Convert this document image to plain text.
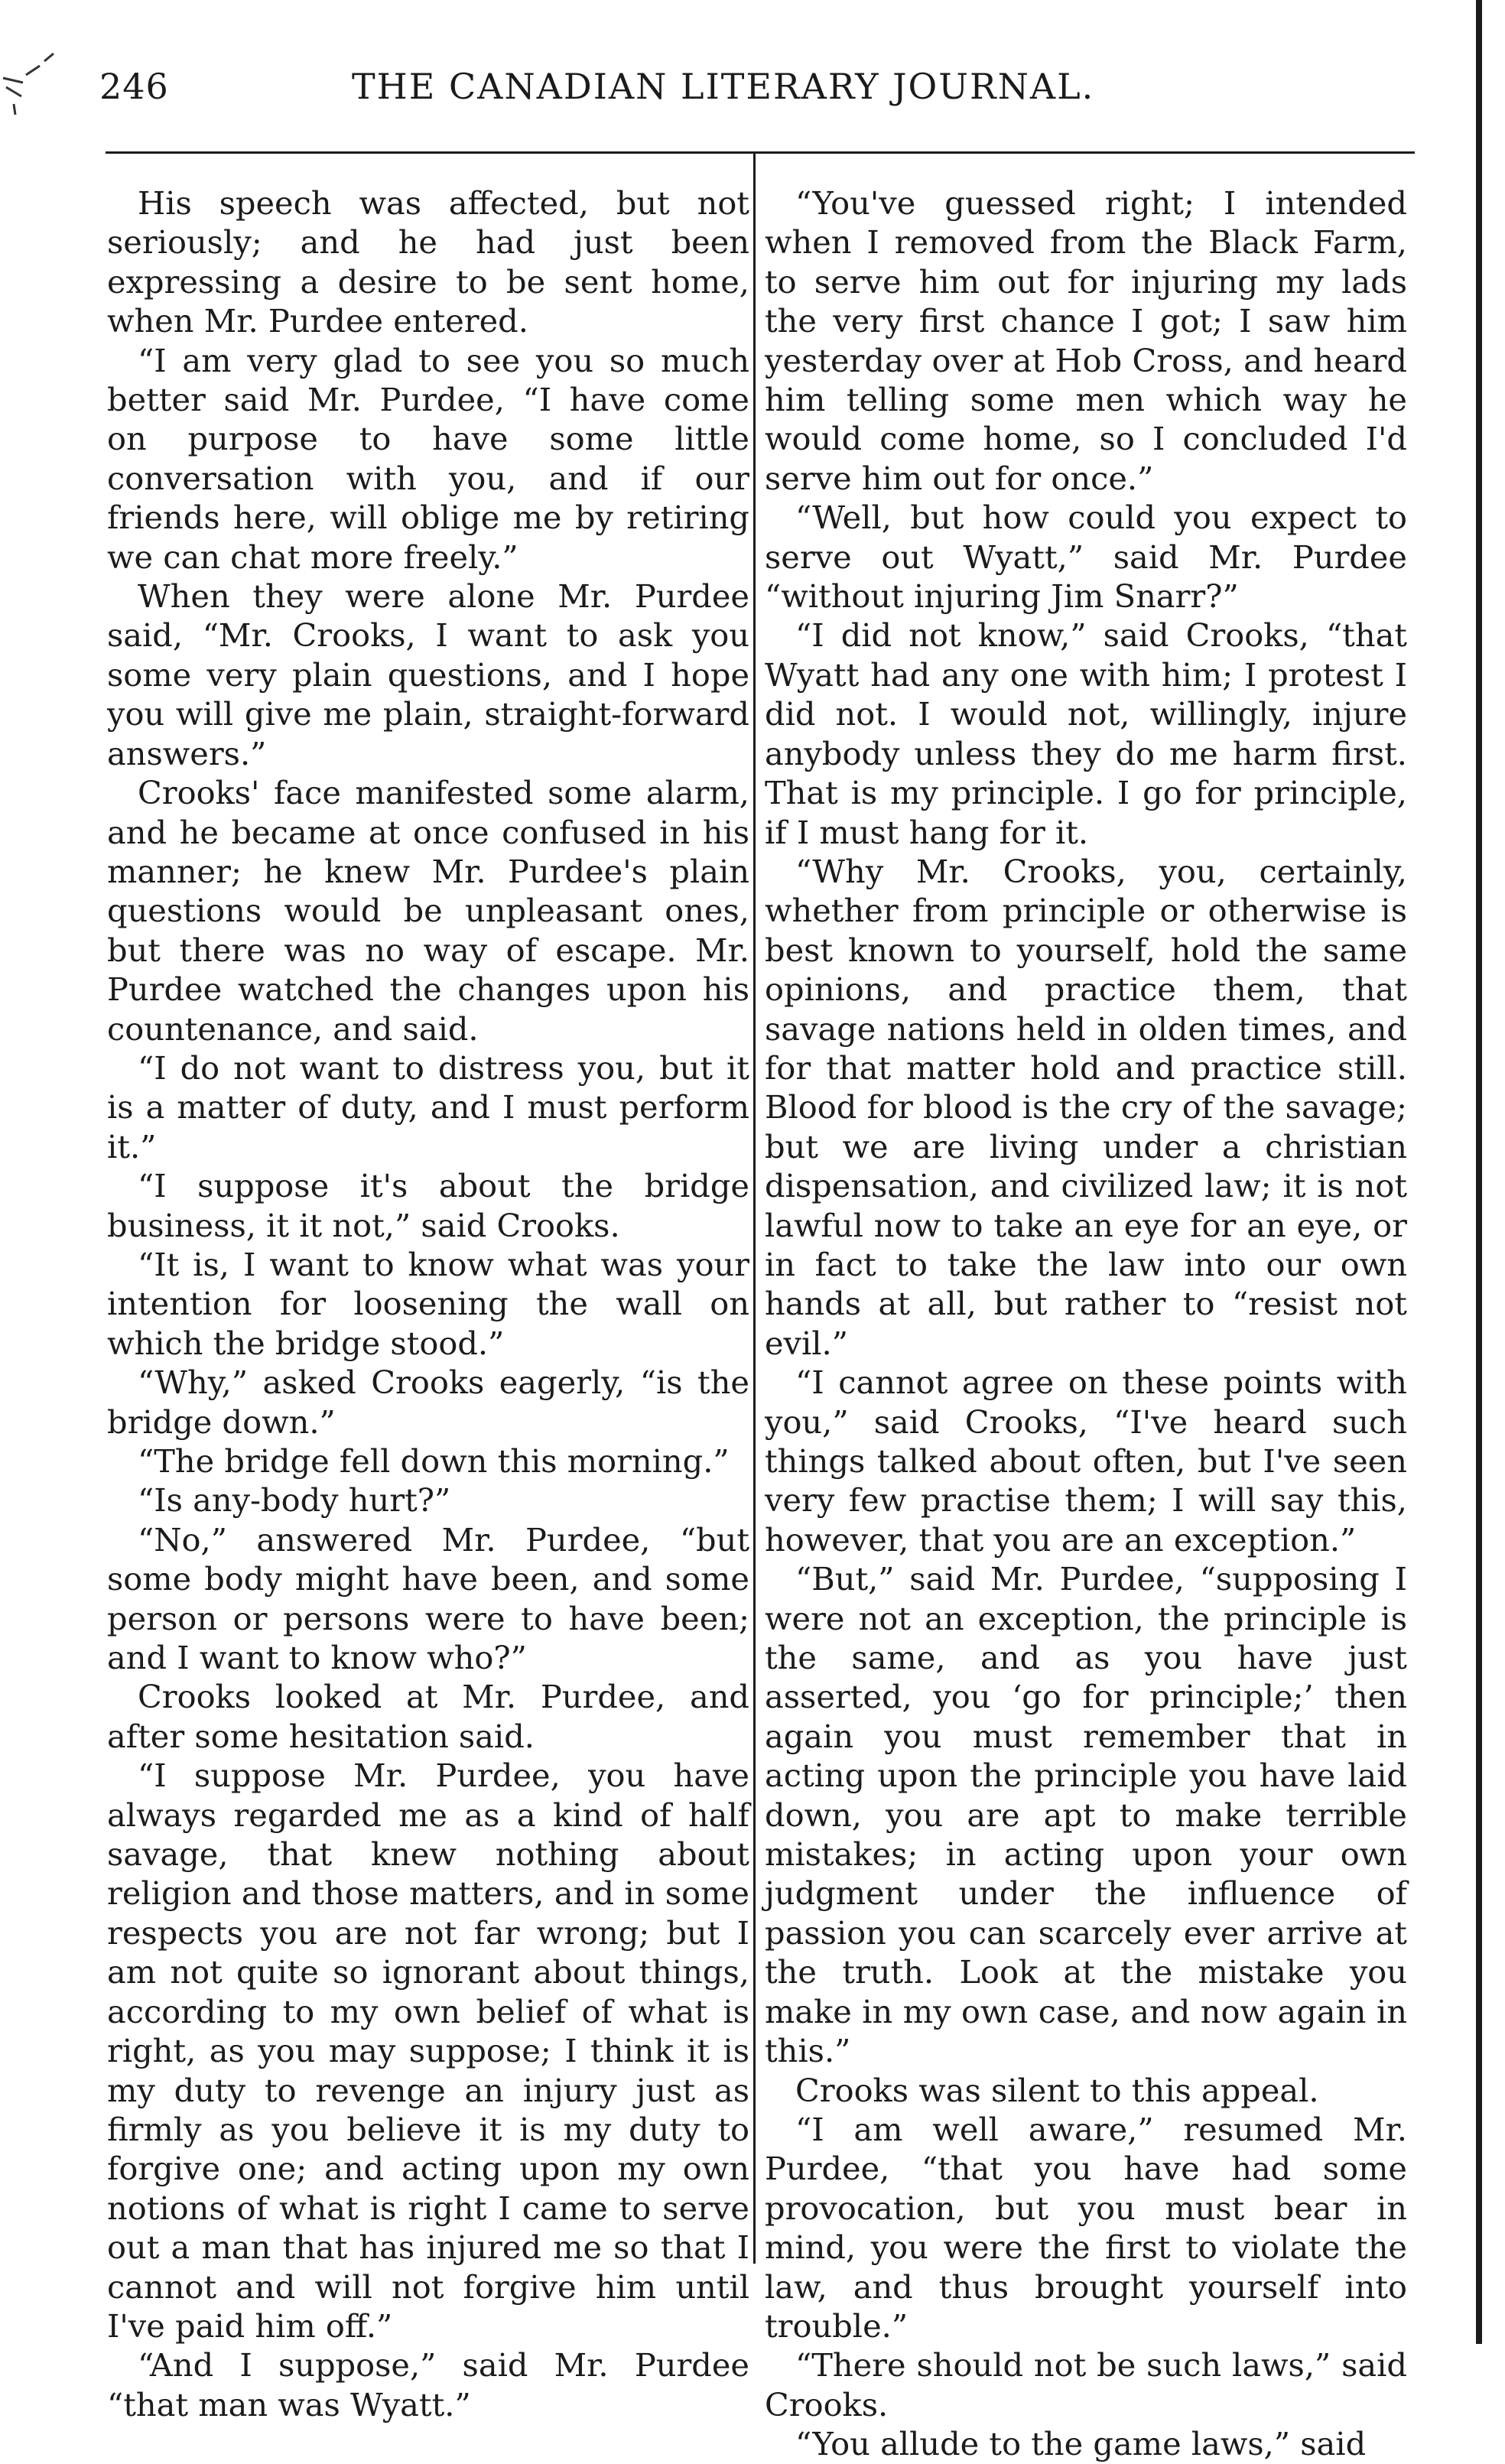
246	THE CANADIAN LITERARY JOURNAL.

His speech was affected, but not seriously; and he had just been expressing a desire to be sent home, when Mr. Purdee entered.

“I am very glad to see you so much better said Mr. Purdee, “I have come on purpose to have some little conversation with you, and if our friends here, will oblige me by retiring we can chat more freely.”

When they were alone Mr. Purdee said, “Mr. Crooks, I want to ask you some very plain questions, and I hope you will give me plain, straight-forward answers.”

Crooks' face manifested some alarm, and he became at once confused in his manner; he knew Mr. Purdee's plain questions would be unpleasant ones, but there was no way of escape. Mr. Purdee watched the changes upon his countenance, and said.

“I do not want to distress you, but it is a matter of duty, and I must perform it.”

“I suppose it's about the bridge business, it it not,” said Crooks.

“It is, I want to know what was your intention for loosening the wall on which the bridge stood.”

“Why,” asked Crooks eagerly, “is the bridge down.”

“The bridge fell down this morning.”

“Is any-body hurt?”

“No,” answered Mr. Purdee, “but some body might have been, and some person or persons were to have been; and I want to know who?”

Crooks looked at Mr. Purdee, and after some hesitation said.

“I suppose Mr. Purdee, you have always regarded me as a kind of half savage, that knew nothing about religion and those matters, and in some respects you are not far wrong; but I am not quite so ignorant about things, according to my own belief of what is right, as you may suppose; I think it is my duty to revenge an injury just as firmly as you believe it is my duty to forgive one; and acting upon my own notions of what is right I came to serve out a man that has injured me so that I cannot and will not forgive him until I've paid him off.”

“And I suppose,” said Mr. Purdee “that man was Wyatt.”

“You've guessed right; I intended when I removed from the Black Farm, to serve him out for injuring my lads the very first chance I got; I saw him yesterday over at Hob Cross, and heard him telling some men which way he would come home, so I concluded I'd serve him out for once.”

“Well, but how could you expect to serve out Wyatt,” said Mr. Purdee “without injuring Jim Snarr?”

“I did not know,” said Crooks, “that Wyatt had any one with him; I protest I did not. I would not, willingly, injure anybody unless they do me harm first. That is my principle. I go for principle, if I must hang for it.

“Why Mr. Crooks, you, certainly, whether from principle or otherwise is best known to yourself, hold the same opinions, and practice them, that savage nations held in olden times, and for that matter hold and practice still. Blood for blood is the cry of the savage; but we are living under a christian dispensation, and civilized law; it is not lawful now to take an eye for an eye, or in fact to take the law into our own hands at all, but rather to “resist not evil.”

“I cannot agree on these points with you,” said Crooks, “I've heard such things talked about often, but I've seen very few practise them; I will say this, however, that you are an exception.”

“But,” said Mr. Purdee, “supposing I were not an exception, the principle is the same, and as you have just asserted, you ‘go for principle;’ then again you must remember that in acting upon the principle you have laid down, you are apt to make terrible mistakes; in acting upon your own judgment under the influence of passion you can scarcely ever arrive at the truth. Look at the mistake you make in my own case, and now again in this.”

Crooks was silent to this appeal.

“I am well aware,” resumed Mr. Purdee, “that you have had some provocation, but you must bear in mind, you were the first to violate the law, and thus brought yourself into trouble.”

“There should not be such laws,” said Crooks.

“You allude to the game laws,” said
